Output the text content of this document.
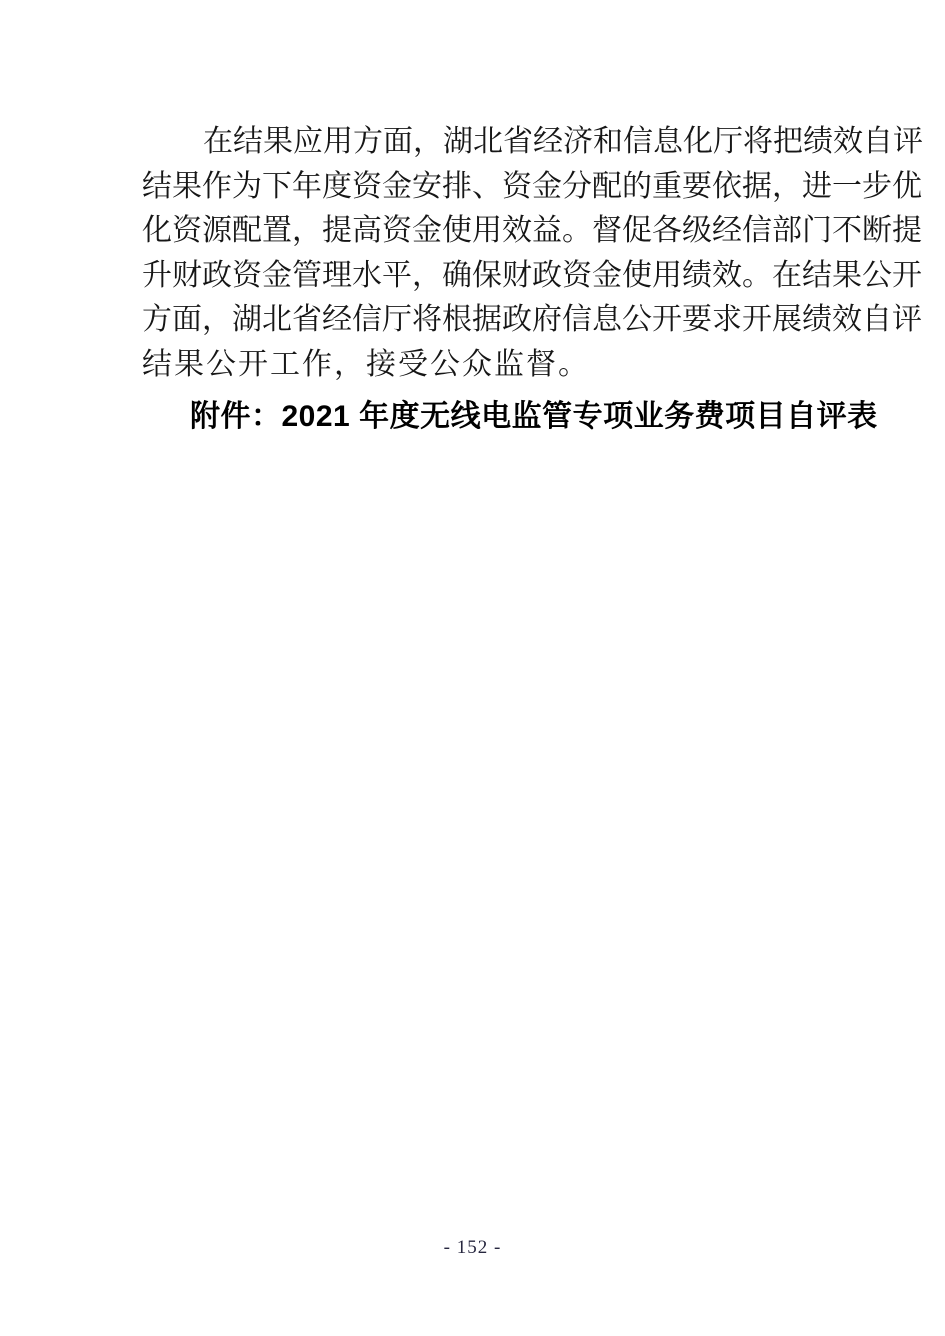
在结果应用方面，湖北省经济和信息化厅将把绩效自评
结果作为下年度资金安排、资金分配的重要依据，进一步优
化资源配置，提高资金使用效益。督促各级经信部门不断提
升财政资金管理水平，确保财政资金使用绩效。在结果公开
方面，湖北省经信厅将根据政府信息公开要求开展绩效自评
结果公开工作，接受公众监督。
附件：2021 年度无线电监管专项业务费项目自评表
- 152 -
